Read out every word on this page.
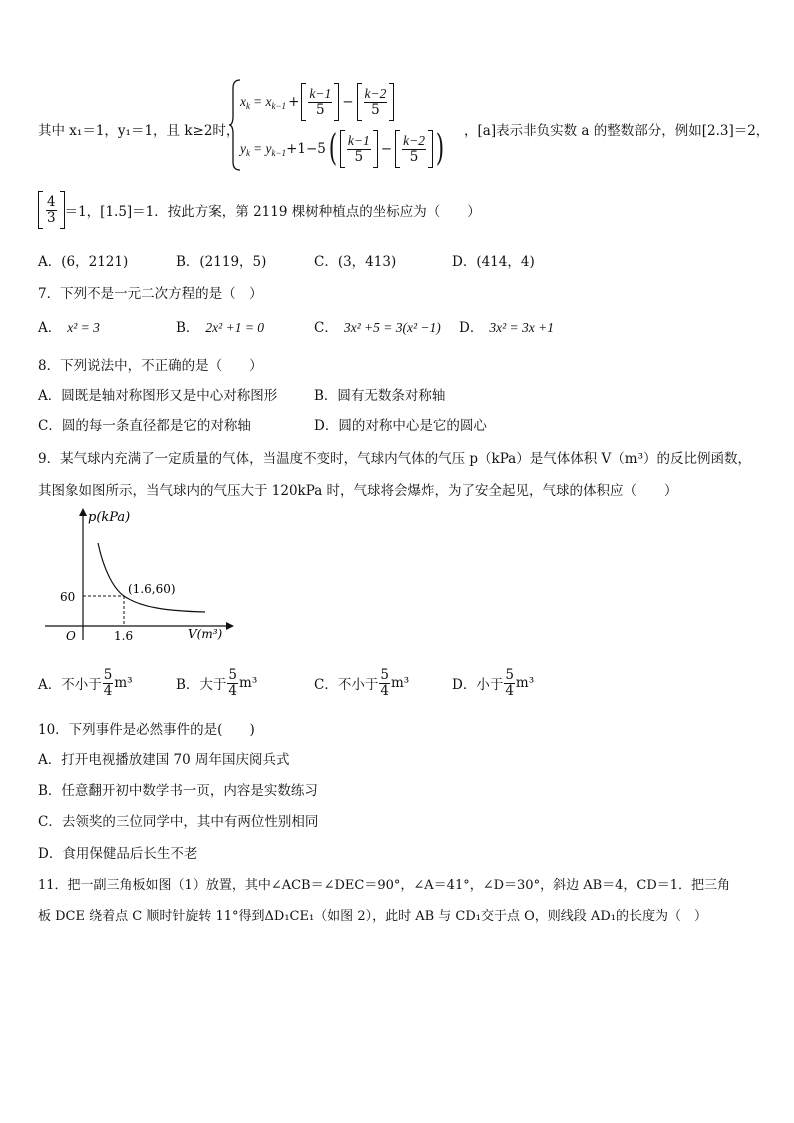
其中 x₁＝1，y₁＝1，且 k≥2时，
x k = x $k-1 + \frac{k-1}{5} - \frac{k-2}{5}$
y k = y k−1 +1−5 ( $\frac{k-1}{5} - \frac{k-2}{5}$ ) ，[a]表示非负实数 a 的整数部分，例如[2.3]＝2，
$\frac{4}{3} =1$，[1.5]＝1．按此方案，第 2119 棵树种植点的坐标应为（　　）
A．(6，2121)	B．(2119，5)	C．(3，413)	D．(414，4)
7．下列不是一元二次方程的是（　）
A． x² = 3	B． 2x² +1 = 0	C． 3x² +5 = 3(x² −1) D． 3x² = 3x +1
8．下列说法中，不正确的是（　　）
A．圆既是轴对称图形又是中心对称图形	B．圆有无数条对称轴
C．圆的每一条直径都是它的对称轴	D．圆的对称中心是它的圆心
9．某气球内充满了一定质量的气体，当温度不变时，气球内气体的气压 p（kPa）是气体体积 V（m³）的反比例函数，
其图象如图所示，当气球内的气压大于 120kPa 时，气球将会爆炸，为了安全起见，气球的体积应（　　）
p(kPa)
V(m³)
O
60
1.6
(1.6,60)
A．不小于 $\frac{5}{4} m^3$	B．大于 $\frac{5}{4} m^3$	C．不小于 $\frac{5}{4} m^3$	D．小于 $\frac{5}{4} m^3$
10．下列事件是必然事件的是(　　)
A．打开电视播放建国 70 周年国庆阅兵式
B．任意翻开初中数学书一页，内容是实数练习
C．去领奖的三位同学中，其中有两位性别相同
D．食用保健品后长生不老
11．把一副三角板如图（1）放置，其中∠ACB＝∠DEC＝90°，∠A＝41°，∠D＝30°，斜边 AB＝4，CD＝1．把三角
板 DCE 绕着点 C 顺时针旋转 11°得到ΔD₁CE₁（如图 2），此时 AB 与 CD₁交于点 O，则线段 AD₁的长度为（　）
